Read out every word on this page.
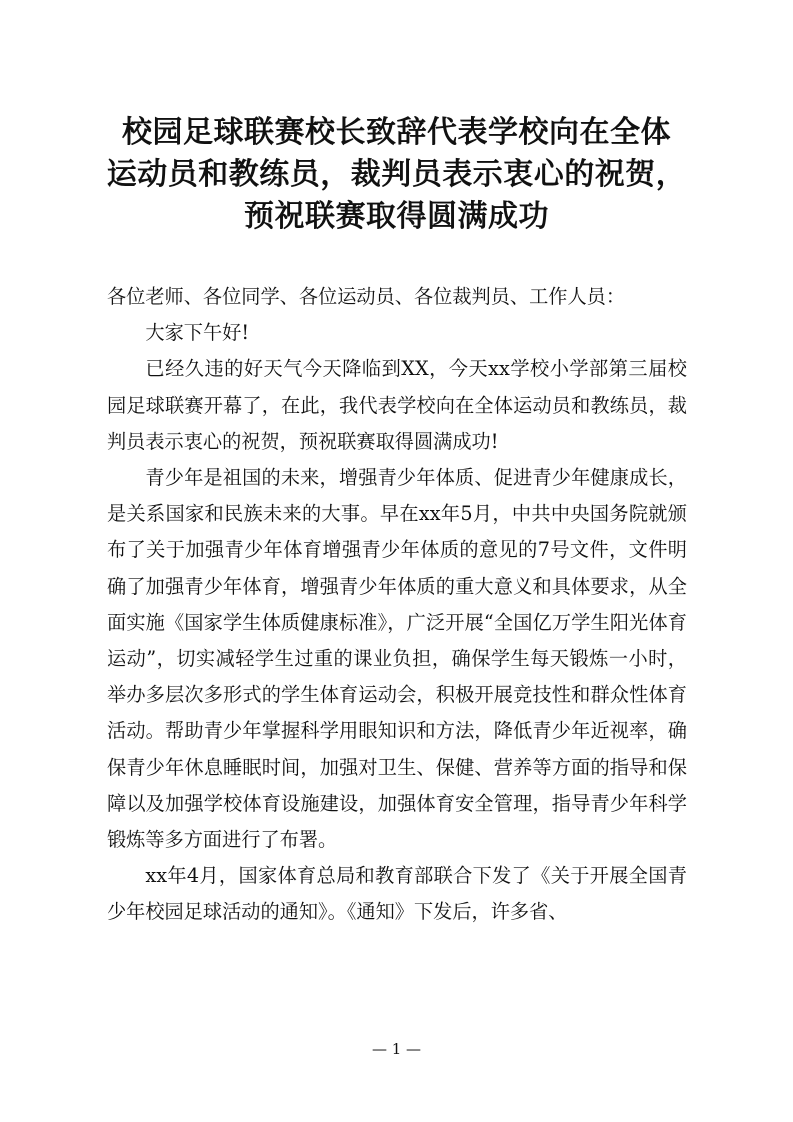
校园足球联赛校长致辞代表学校向在全体
运动员和教练员，裁判员表示衷心的祝贺，
预祝联赛取得圆满成功

各位老师、各位同学、各位运动员、各位裁判员、工作人员：

大家下午好!

已经久违的好天气今天降临到XX，今天xx学校小学部第三届校园足球联赛开幕了，在此，我代表学校向在全体运动员和教练员，裁判员表示衷心的祝贺，预祝联赛取得圆满成功!

青少年是祖国的未来，增强青少年体质、促进青少年健康成长，是关系国家和民族未来的大事。早在xx年5月，中共中央国务院就颁布了关于加强青少年体育增强青少年体质的意见的7号文件，文件明确了加强青少年体育，增强青少年体质的重大意义和具体要求，从全面实施《国家学生体质健康标准》，广泛开展“全国亿万学生阳光体育运动”，切实减轻学生过重的课业负担，确保学生每天锻炼一小时，举办多层次多形式的学生体育运动会，积极开展竞技性和群众性体育活动。帮助青少年掌握科学用眼知识和方法，降低青少年近视率，确保青少年休息睡眠时间，加强对卫生、保健、营养等方面的指导和保障以及加强学校体育设施建设，加强体育安全管理，指导青少年科学锻炼等多方面进行了布署。

xx年4月，国家体育总局和教育部联合下发了《关于开展全国青少年校园足球活动的通知》。《通知》下发后，许多省、

— 1 —
